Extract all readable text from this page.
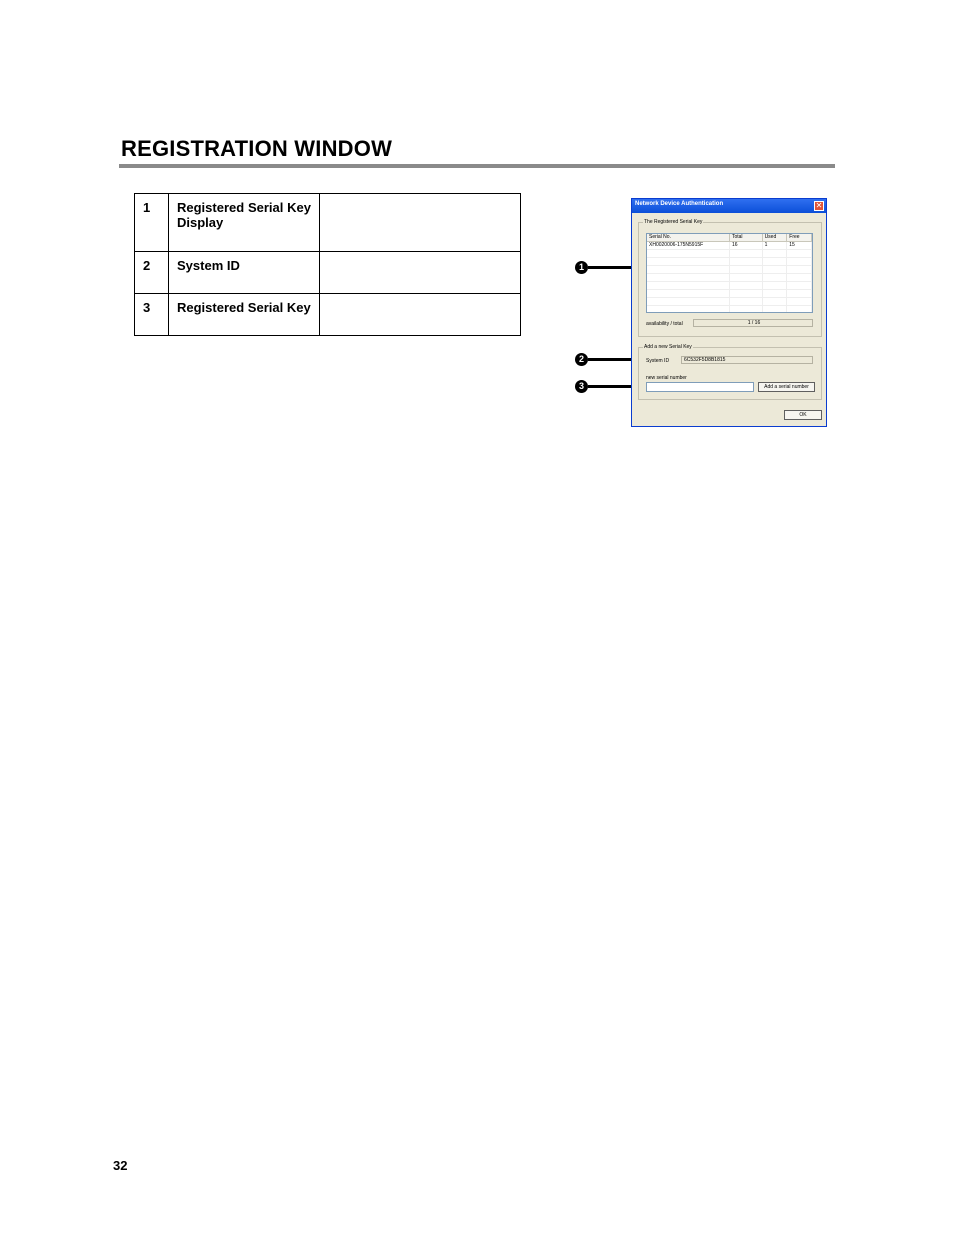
REGISTRATION WINDOW
1	Registered Serial Key Display	
2	System ID	
3	Registered Serial Key	
1
2
3
Network Device Authentication	✕
The Registered Serial Key
Serial No.	Total	Used	Free
XH0020006-175N5915F	16	1	15
availability / total	1 / 16
Add a new Serial Key
System ID	6C532F5D8B1815
new serial number
Add a serial number
OK
32
